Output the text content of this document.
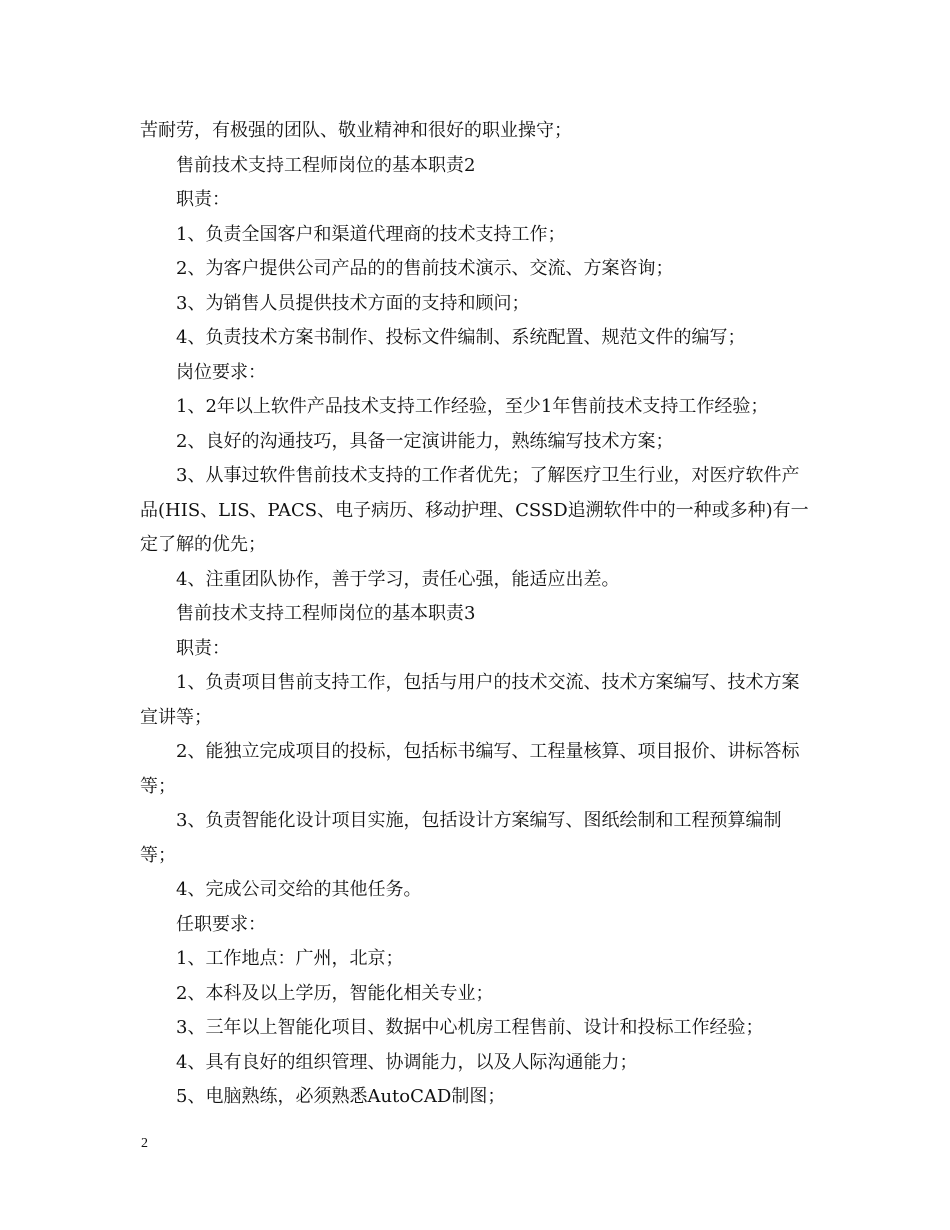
苦耐劳，有极强的团队、敬业精神和很好的职业操守；

售前技术支持工程师岗位的基本职责2

职责：

1、负责全国客户和渠道代理商的技术支持工作；

2、为客户提供公司产品的的售前技术演示、交流、方案咨询；

3、为销售人员提供技术方面的支持和顾问；

4、负责技术方案书制作、投标文件编制、系统配置、规范文件的编写；

岗位要求：

1、2年以上软件产品技术支持工作经验，至少1年售前技术支持工作经验；

2、良好的沟通技巧，具备一定演讲能力，熟练编写技术方案；

3、从事过软件售前技术支持的工作者优先；了解医疗卫生行业，对医疗软件产品(HIS、LIS、PACS、电子病历、移动护理、CSSD追溯软件中的一种或多种)有一定了解的优先；

4、注重团队协作，善于学习，责任心强，能适应出差。

售前技术支持工程师岗位的基本职责3

职责：

1、负责项目售前支持工作，包括与用户的技术交流、技术方案编写、技术方案宣讲等；

2、能独立完成项目的投标，包括标书编写、工程量核算、项目报价、讲标答标等；

3、负责智能化设计项目实施，包括设计方案编写、图纸绘制和工程预算编制等；

4、完成公司交给的其他任务。

任职要求：

1、工作地点：广州，北京；

2、本科及以上学历，智能化相关专业；

3、三年以上智能化项目、数据中心机房工程售前、设计和投标工作经验；

4、具有良好的组织管理、协调能力，以及人际沟通能力；

5、电脑熟练，必须熟悉AutoCAD制图；

2
